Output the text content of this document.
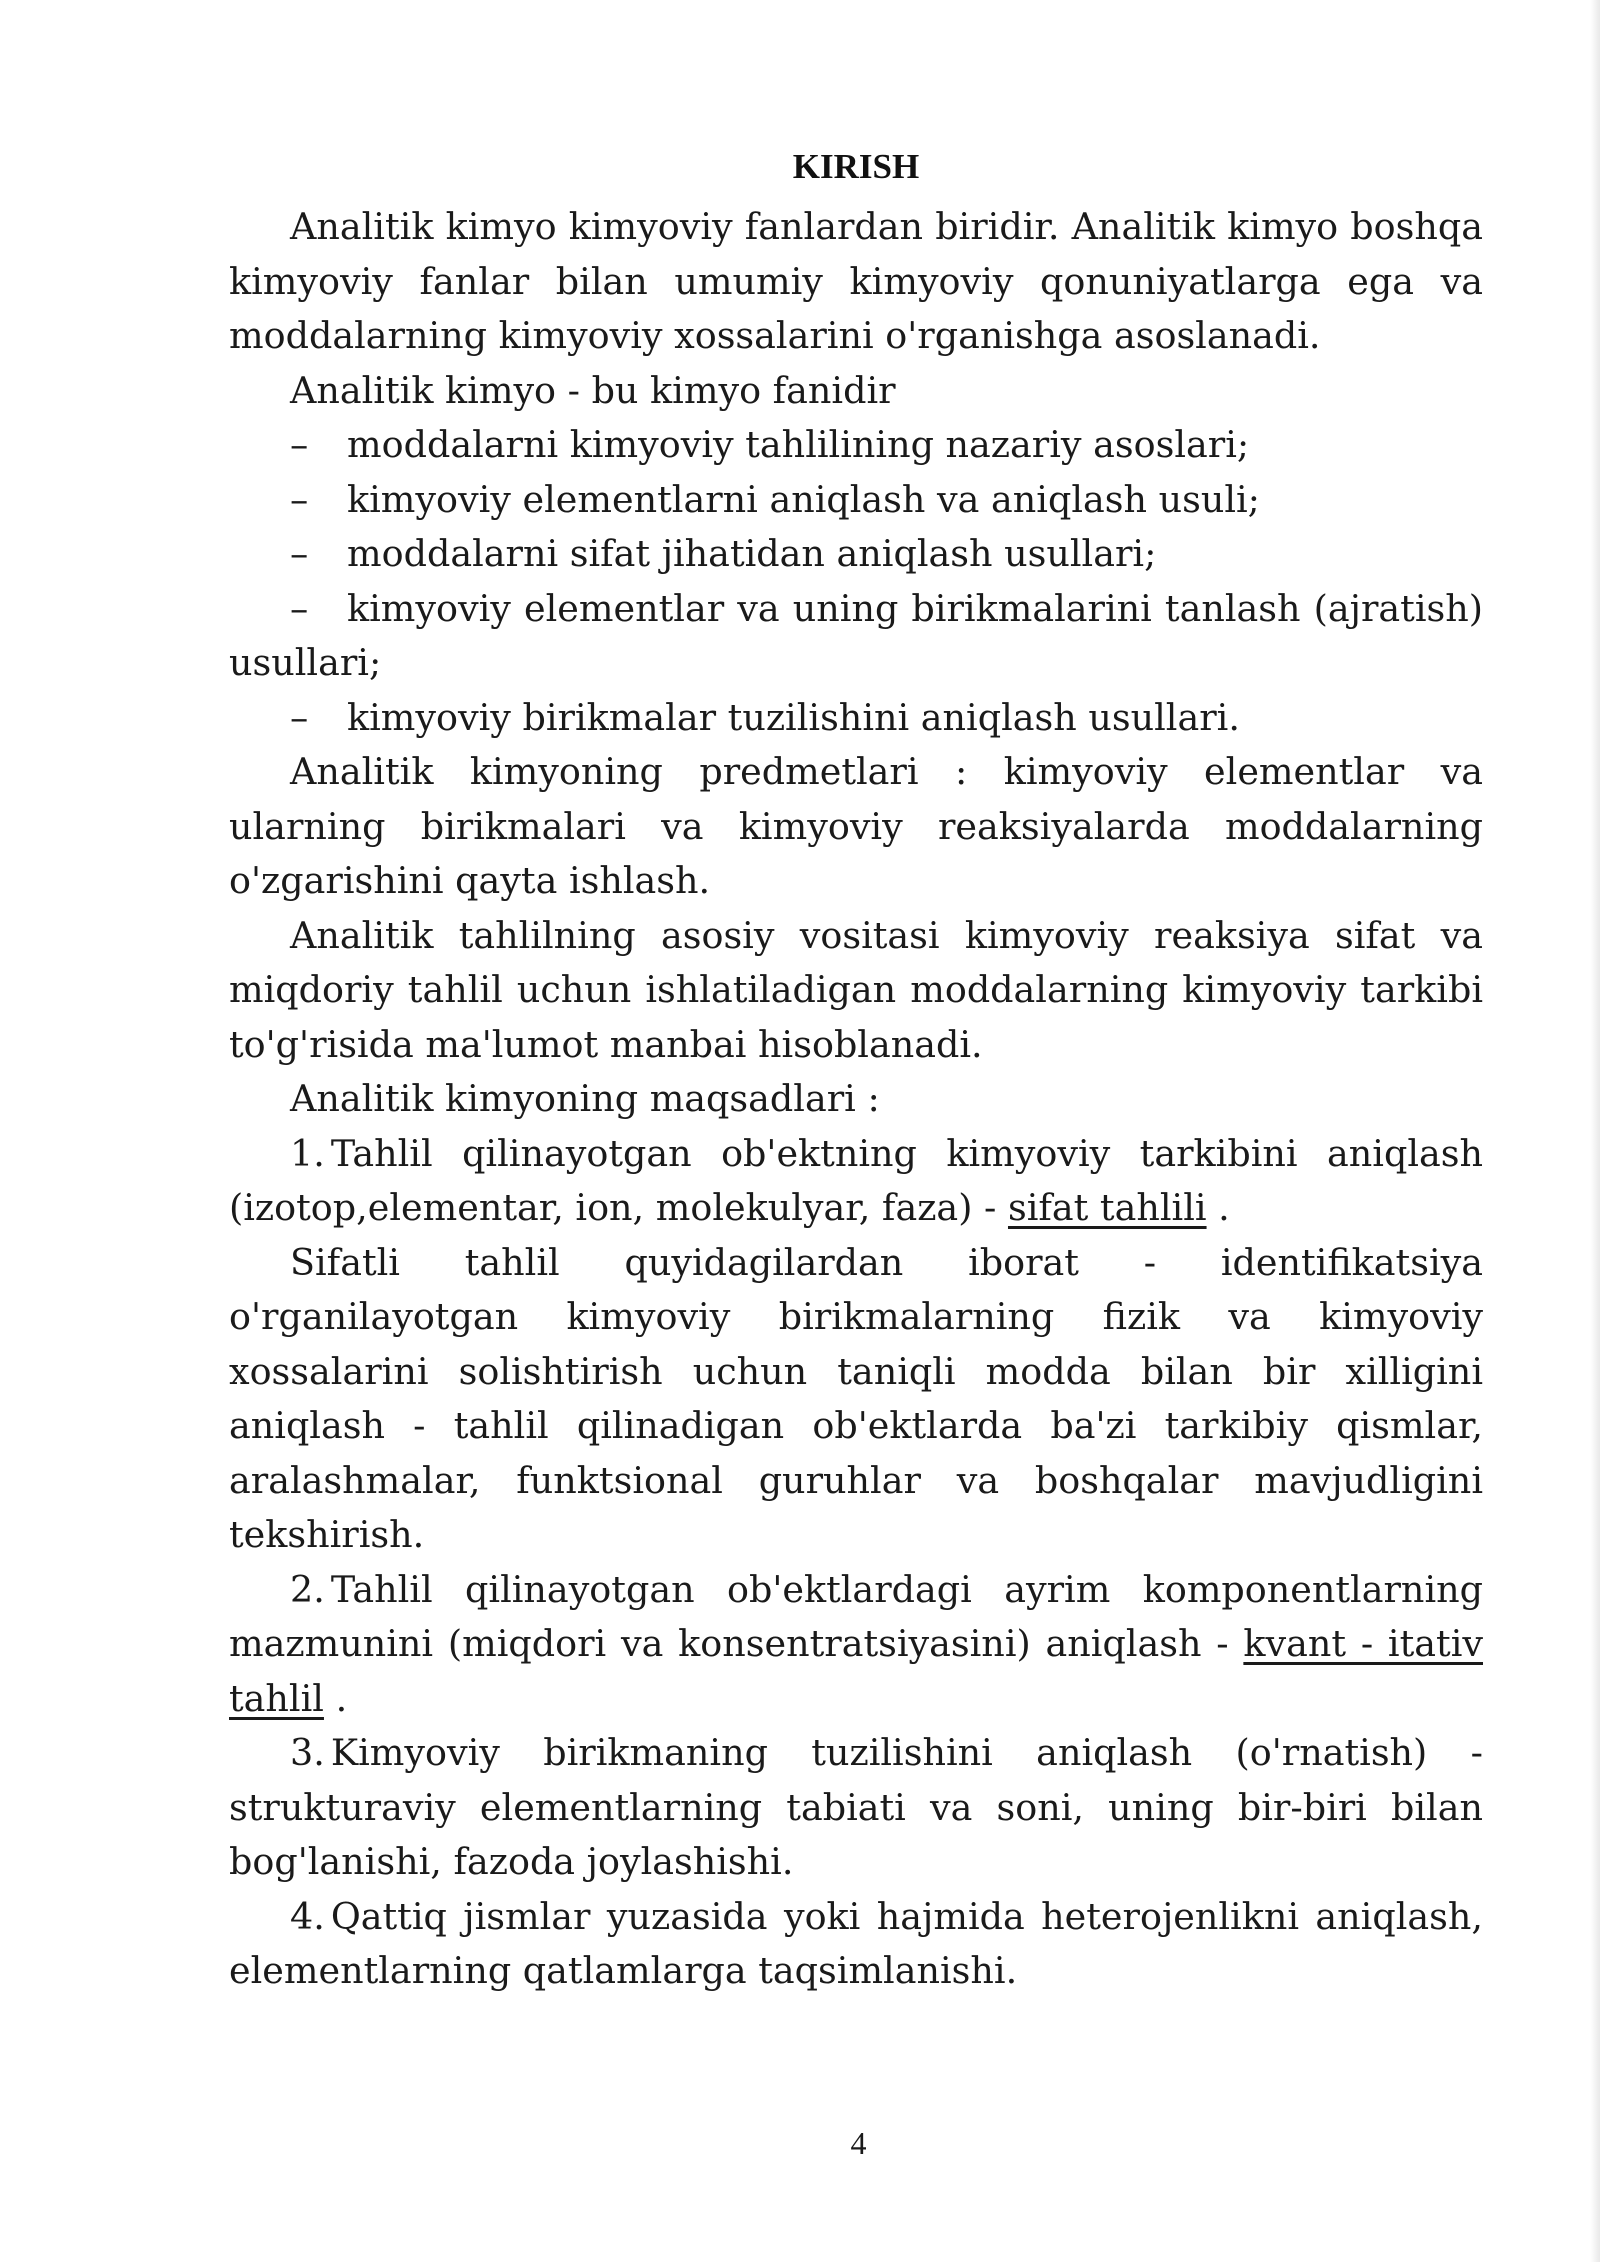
KIRISH

Analitik kimyo kimyoviy fanlardan biridir. Analitik kimyo boshqa kimyoviy fanlar bilan umumiy kimyoviy qonuniyatlarga ega va moddalarning kimyoviy xossalarini o'rganishga asoslanadi.

Analitik kimyo - bu kimyo fanidir

– moddalarni kimyoviy tahlilining nazariy asoslari;

– kimyoviy elementlarni aniqlash va aniqlash usuli;

– moddalarni sifat jihatidan aniqlash usullari;

– kimyoviy elementlar va uning birikmalarini tanlash (ajratish) usullari;

– kimyoviy birikmalar tuzilishini aniqlash usullari.

Analitik kimyoning predmetlari : kimyoviy elementlar va ularning birikmalari va kimyoviy reaksiyalarda moddalarning o'zgarishini qayta ishlash.

Analitik tahlilning asosiy vositasi kimyoviy reaksiya sifat va miqdoriy tahlil uchun ishlatiladigan moddalarning kimyoviy tarkibi to'g'risida ma'lumot manbai hisoblanadi.

Analitik kimyoning maqsadlari :

1. Tahlil qilinayotgan ob'ektning kimyoviy tarkibini aniqlash (izotop,elementar, ion, molekulyar, faza) - sifat tahlili .

Sifatli tahlil quyidagilardan iborat - identifikatsiya o'rganilayotgan kimyoviy birikmalarning fizik va kimyoviy xossalarini solishtirish uchun taniqli modda bilan bir xilligini aniqlash - tahlil qilinadigan ob'ektlarda ba'zi tarkibiy qismlar, aralashmalar, funktsional guruhlar va boshqalar mavjudligini tekshirish.

2. Tahlil qilinayotgan ob'ektlardagi ayrim komponentlarning mazmunini (miqdori va konsentratsiyasini) aniqlash - kvant - itativ tahlil .

3. Kimyoviy birikmaning tuzilishini aniqlash (o'rnatish) - strukturaviy elementlarning tabiati va soni, uning bir-biri bilan bog'lanishi, fazoda joylashishi.

4. Qattiq jismlar yuzasida yoki hajmida heterojenlikni aniqlash, elementlarning qatlamlarga taqsimlanishi.

4
